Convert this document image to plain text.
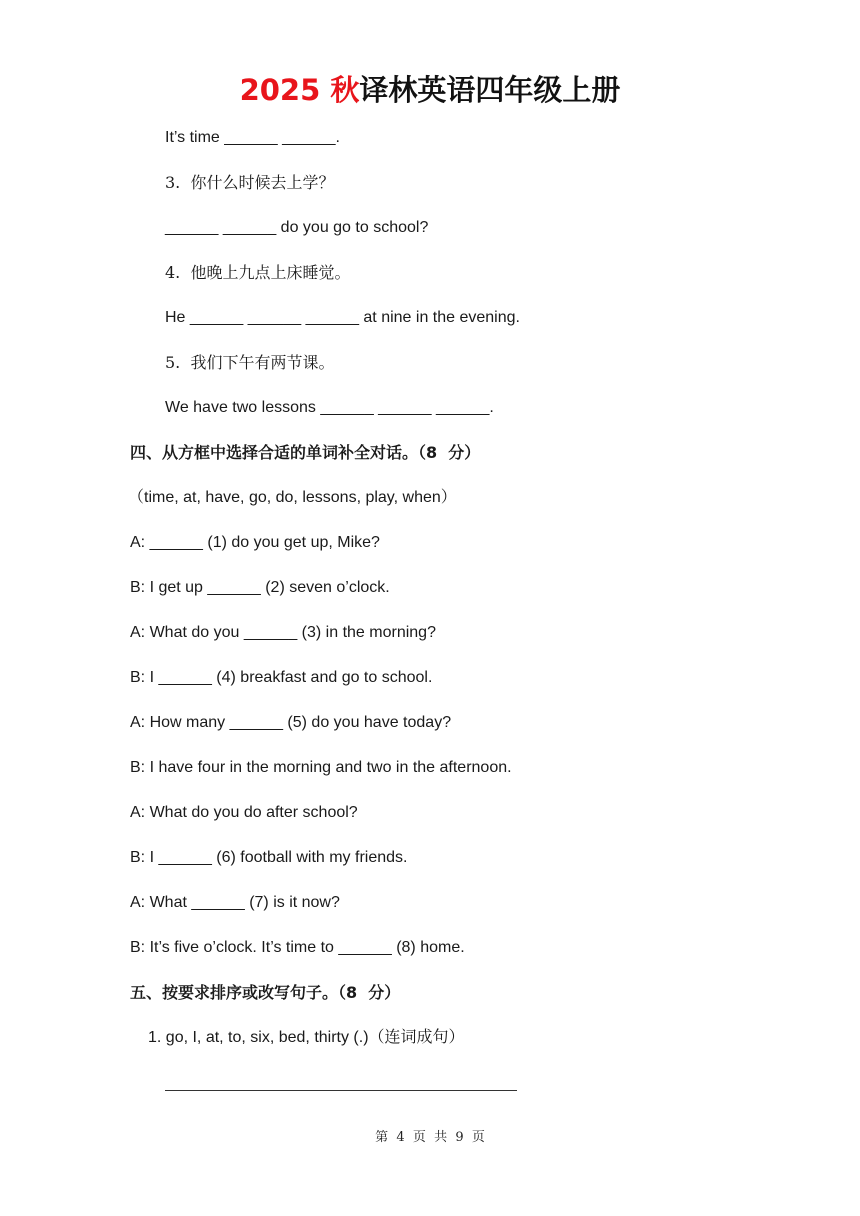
2025 秋译林英语四年级上册
It’s time ______ ______.
3.  你什么时候去上学？
______ ______ do you go to school?
4.  他晚上九点上床睡觉。
He ______ ______ ______ at nine in the evening.
5.  我们下午有两节课。
We have two lessons ______ ______ ______.
四、从方框中选择合适的单词补全对话。（8  分）
（time, at, have, go, do, lessons, play, when）
A: ______ (1) do you get up, Mike?
B: I get up ______ (2) seven o’clock.
A: What do you ______ (3) in the morning?
B: I ______ (4) breakfast and go to school.
A: How many ______ (5) do you have today?
B: I have four in the morning and two in the afternoon.
A: What do you do after school?
B: I ______ (6) football with my friends.
A: What ______ (7) is it now?
B: It’s five o’clock. It’s time to ______ (8) home.
五、按要求排序或改写句子。（8  分）
1. go, I, at, to, six, bed, thirty (.)（连词成句）
第  4  页  共  9  页
